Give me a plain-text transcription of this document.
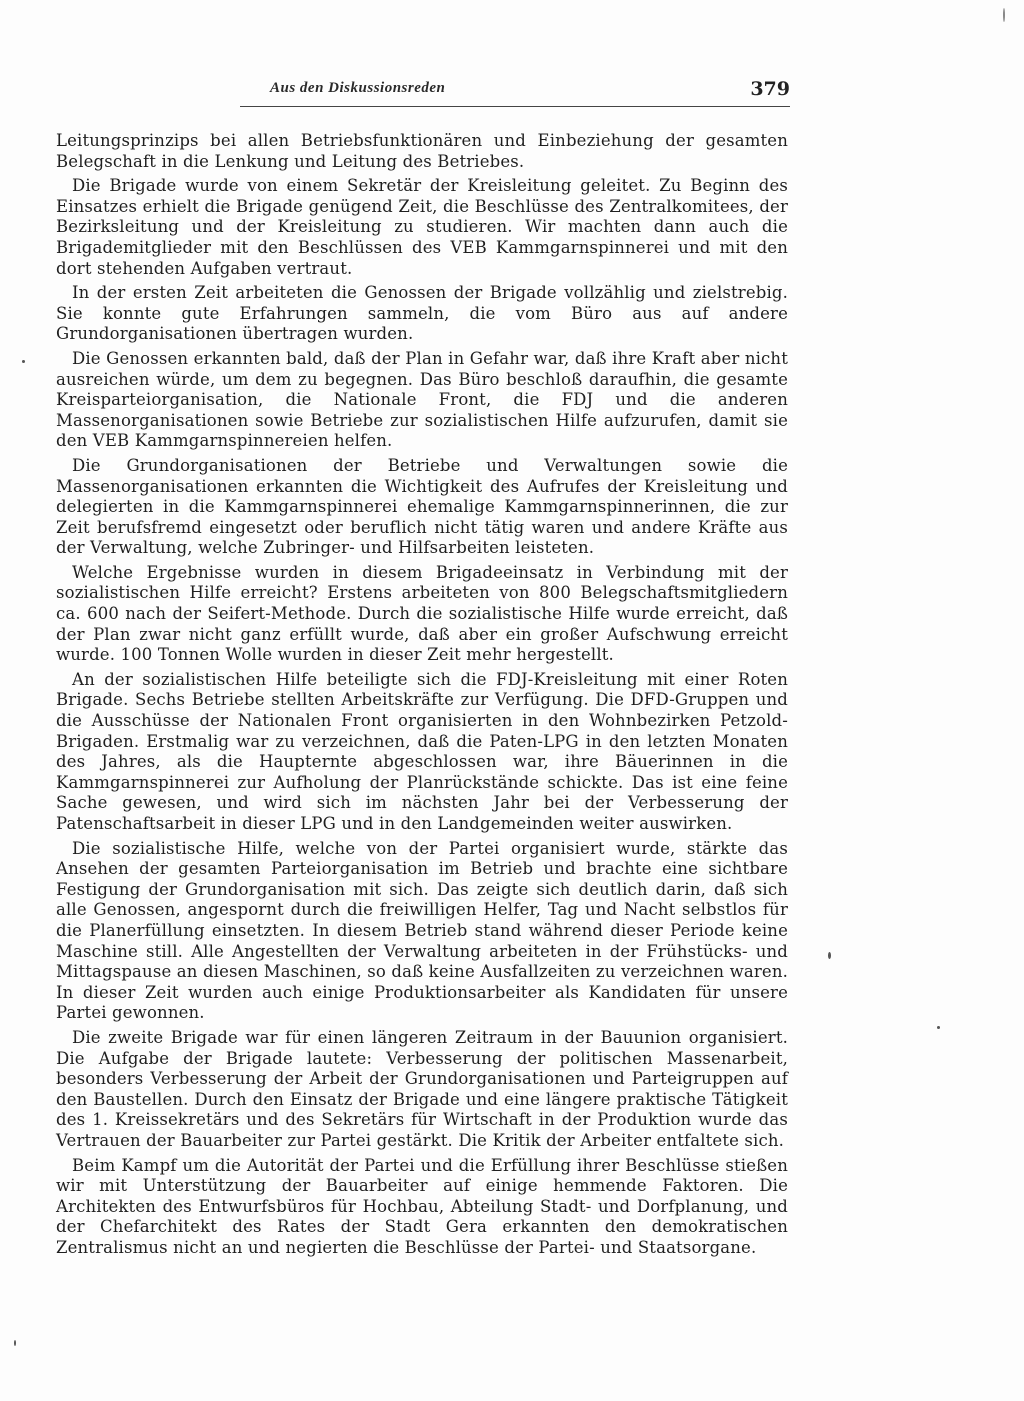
Aus den Diskussionsreden	379

Leitungsprinzips bei allen Betriebsfunktionären und Einbeziehung der gesamten Belegschaft in die Lenkung und Leitung des Betriebes.

Die Brigade wurde von einem Sekretär der Kreisleitung geleitet. Zu Beginn des Einsatzes erhielt die Brigade genügend Zeit, die Beschlüsse des Zentralkomitees, der Bezirksleitung und der Kreisleitung zu studieren. Wir machten dann auch die Brigademitglieder mit den Beschlüssen des VEB Kammgarnspinnerei und mit den dort stehenden Aufgaben vertraut.

In der ersten Zeit arbeiteten die Genossen der Brigade vollzählig und zielstrebig. Sie konnte gute Erfahrungen sammeln, die vom Büro aus auf andere Grundorganisationen übertragen wurden.

Die Genossen erkannten bald, daß der Plan in Gefahr war, daß ihre Kraft aber nicht ausreichen würde, um dem zu begegnen. Das Büro beschloß daraufhin, die gesamte Kreisparteiorganisation, die Nationale Front, die FDJ und die anderen Massenorganisationen sowie Betriebe zur sozialistischen Hilfe aufzurufen, damit sie den VEB Kammgarnspinnereien helfen.

Die Grundorganisationen der Betriebe und Verwaltungen sowie die Massenorganisationen erkannten die Wichtigkeit des Aufrufes der Kreisleitung und delegierten in die Kammgarnspinnerei ehemalige Kammgarnspinnerinnen, die zur Zeit berufsfremd eingesetzt oder beruflich nicht tätig waren und andere Kräfte aus der Verwaltung, welche Zubringer- und Hilfsarbeiten leisteten.

Welche Ergebnisse wurden in diesem Brigadeeinsatz in Verbindung mit der sozialistischen Hilfe erreicht? Erstens arbeiteten von 800 Belegschaftsmitgliedern ca. 600 nach der Seifert-Methode. Durch die sozialistische Hilfe wurde erreicht, daß der Plan zwar nicht ganz erfüllt wurde, daß aber ein großer Aufschwung erreicht wurde. 100 Tonnen Wolle wurden in dieser Zeit mehr hergestellt.

An der sozialistischen Hilfe beteiligte sich die FDJ-Kreisleitung mit einer Roten Brigade. Sechs Betriebe stellten Arbeitskräfte zur Verfügung. Die DFD-Gruppen und die Ausschüsse der Nationalen Front organisierten in den Wohnbezirken Petzold-Brigaden. Erstmalig war zu verzeichnen, daß die Paten-LPG in den letzten Monaten des Jahres, als die Haupternte abgeschlossen war, ihre Bäuerinnen in die Kammgarnspinnerei zur Aufholung der Planrückstände schickte. Das ist eine feine Sache gewesen, und wird sich im nächsten Jahr bei der Verbesserung der Patenschaftsarbeit in dieser LPG und in den Landgemeinden weiter auswirken.

Die sozialistische Hilfe, welche von der Partei organisiert wurde, stärkte das Ansehen der gesamten Parteiorganisation im Betrieb und brachte eine sichtbare Festigung der Grundorganisation mit sich. Das zeigte sich deutlich darin, daß sich alle Genossen, angespornt durch die freiwilligen Helfer, Tag und Nacht selbstlos für die Planerfüllung einsetzten. In diesem Betrieb stand während dieser Periode keine Maschine still. Alle Angestellten der Verwaltung arbeiteten in der Frühstücks- und Mittagspause an diesen Maschinen, so daß keine Ausfallzeiten zu verzeichnen waren. In dieser Zeit wurden auch einige Produktionsarbeiter als Kandidaten für unsere Partei gewonnen.

Die zweite Brigade war für einen längeren Zeitraum in der Bauunion organisiert. Die Aufgabe der Brigade lautete: Verbesserung der politischen Massenarbeit, besonders Verbesserung der Arbeit der Grundorganisationen und Parteigruppen auf den Baustellen. Durch den Einsatz der Brigade und eine längere praktische Tätigkeit des 1. Kreissekretärs und des Sekretärs für Wirtschaft in der Produktion wurde das Vertrauen der Bauarbeiter zur Partei gestärkt. Die Kritik der Arbeiter entfaltete sich.

Beim Kampf um die Autorität der Partei und die Erfüllung ihrer Beschlüsse stießen wir mit Unterstützung der Bauarbeiter auf einige hemmende Faktoren. Die Architekten des Entwurfsbüros für Hochbau, Abteilung Stadt- und Dorfplanung, und der Chefarchitekt des Rates der Stadt Gera erkannten den demokratischen Zentralismus nicht an und negierten die Beschlüsse der Partei- und Staatsorgane.
